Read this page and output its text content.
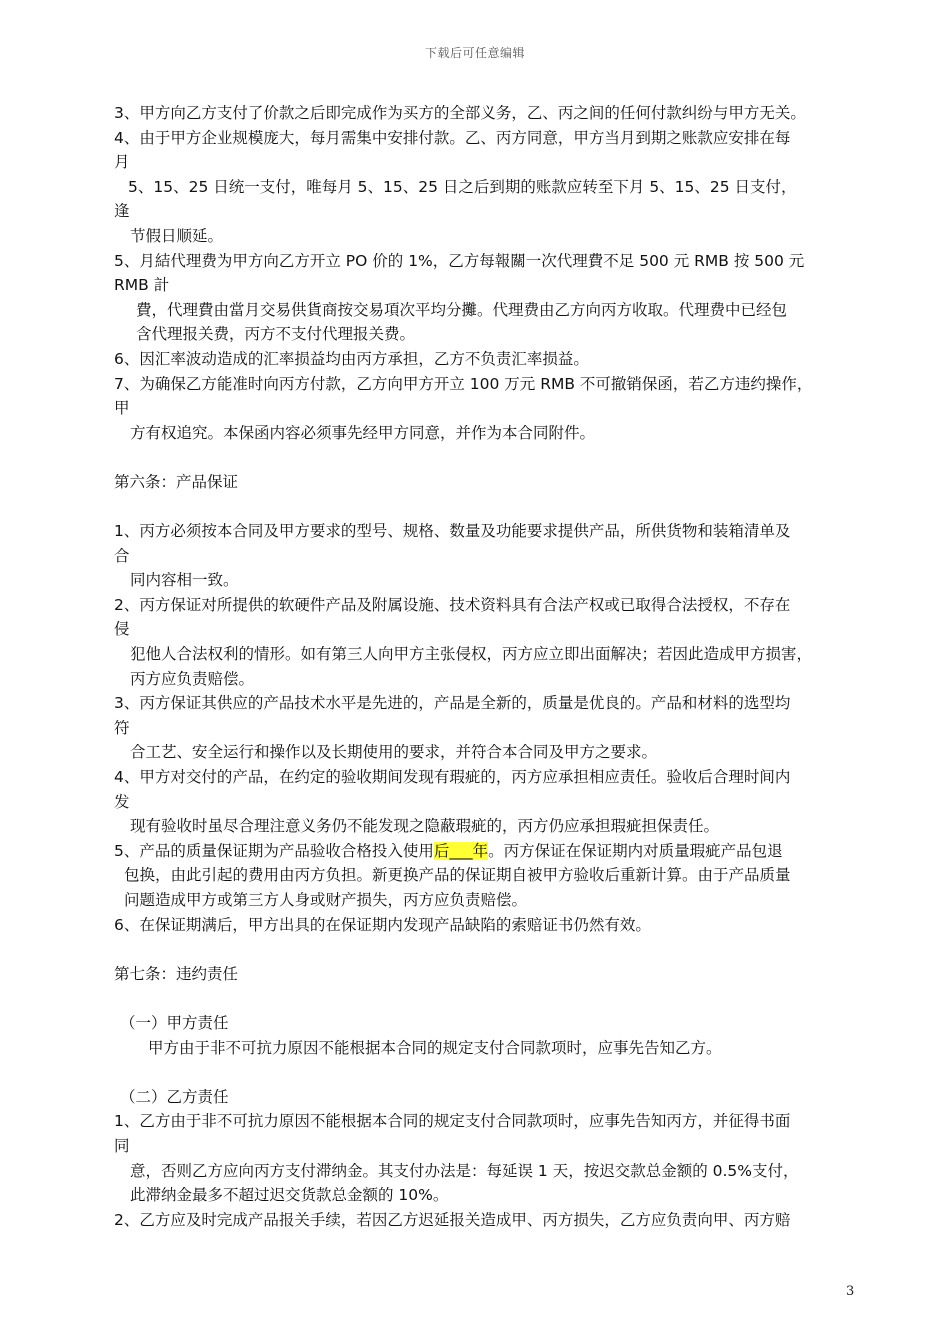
下载后可任意编辑
3、甲方向乙方支付了价款之后即完成作为买方的全部义务，乙、丙之间的任何付款纠纷与甲方无关。
4、由于甲方企业规模庞大，每月需集中安排付款。乙、丙方同意，甲方当月到期之账款应安排在每
月
5、15、25 日统一支付，唯每月 5、15、25 日之后到期的账款应转至下月 5、15、25 日支付，
逢
节假日顺延。
5、月結代理费为甲方向乙方开立 PO 价的 1%，乙方每報關一次代理費不足 500 元 RMB 按 500 元
RMB 計
費，代理費由當月交易供貨商按交易項次平均分攤。代理费由乙方向丙方收取。代理费中已经包
含代理报关费，丙方不支付代理报关费。
6、因汇率波动造成的汇率损益均由丙方承担，乙方不负责汇率损益。
7、为确保乙方能准时向丙方付款，乙方向甲方开立 100 万元 RMB 不可撤销保函，若乙方违约操作，
甲
方有权追究。本保函内容必须事先经甲方同意，并作为本合同附件。
第六条：产品保证
1、丙方必须按本合同及甲方要求的型号、规格、数量及功能要求提供产品，所供货物和装箱清单及
合
同内容相一致。
2、丙方保证对所提供的软硬件产品及附属设施、技术资料具有合法产权或已取得合法授权，不存在
侵
犯他人合法权利的情形。如有第三人向甲方主张侵权，丙方应立即出面解决；若因此造成甲方损害，
丙方应负责赔偿。
3、丙方保证其供应的产品技术水平是先进的，产品是全新的，质量是优良的。产品和材料的选型均
符
合工艺、安全运行和操作以及长期使用的要求，并符合本合同及甲方之要求。
4、甲方对交付的产品，在约定的验收期间发现有瑕疵的，丙方应承担相应责任。验收后合理时间内
发
现有验收时虽尽合理注意义务仍不能发现之隐蔽瑕疵的，丙方仍应承担瑕疵担保责任。
5、产品的质量保证期为产品验收合格投入使用后___年。丙方保证在保证期内对质量瑕疵产品包退
包换，由此引起的费用由丙方负担。新更换产品的保证期自被甲方验收后重新计算。由于产品质量
问题造成甲方或第三方人身或财产损失，丙方应负责赔偿。
6、在保证期满后，甲方出具的在保证期内发现产品缺陷的索赔证书仍然有效。
第七条：违约责任
（一）甲方责任
甲方由于非不可抗力原因不能根据本合同的规定支付合同款项时，应事先告知乙方。
（二）乙方责任
1、乙方由于非不可抗力原因不能根据本合同的规定支付合同款项时，应事先告知丙方，并征得书面
同
意，否则乙方应向丙方支付滞纳金。其支付办法是：每延误 1 天，按迟交款总金额的 0.5%支付，
此滞纳金最多不超过迟交货款总金额的 10%。
2、乙方应及时完成产品报关手续，若因乙方迟延报关造成甲、丙方损失，乙方应负责向甲、丙方赔
3
